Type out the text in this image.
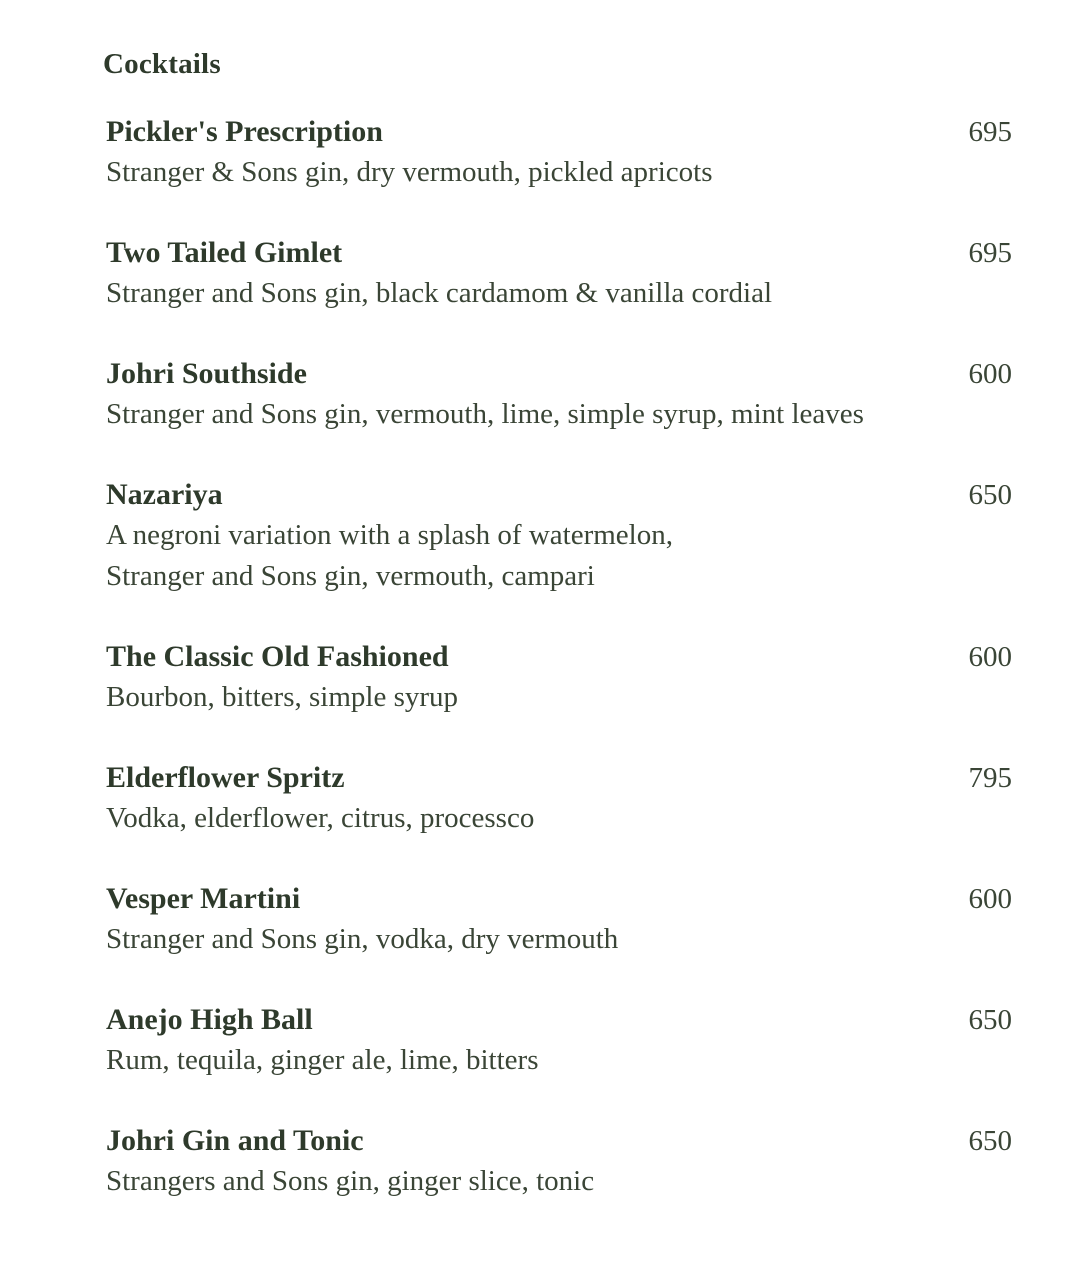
Cocktails
Pickler's Prescription
Stranger & Sons gin, dry vermouth, pickled apricots
695
Two Tailed Gimlet
Stranger and Sons gin, black cardamom & vanilla cordial
695
Johri Southside
Stranger and Sons gin, vermouth, lime, simple syrup, mint leaves
600
Nazariya
A negroni variation with a splash of watermelon,
Stranger and Sons gin, vermouth, campari
650
The Classic Old Fashioned
Bourbon, bitters, simple syrup
600
Elderflower Spritz
Vodka, elderflower, citrus, processco
795
Vesper Martini
Stranger and Sons gin, vodka, dry vermouth
600
Anejo High Ball
Rum, tequila, ginger ale, lime, bitters
650
Johri Gin and Tonic
Strangers and Sons gin, ginger slice, tonic
650
